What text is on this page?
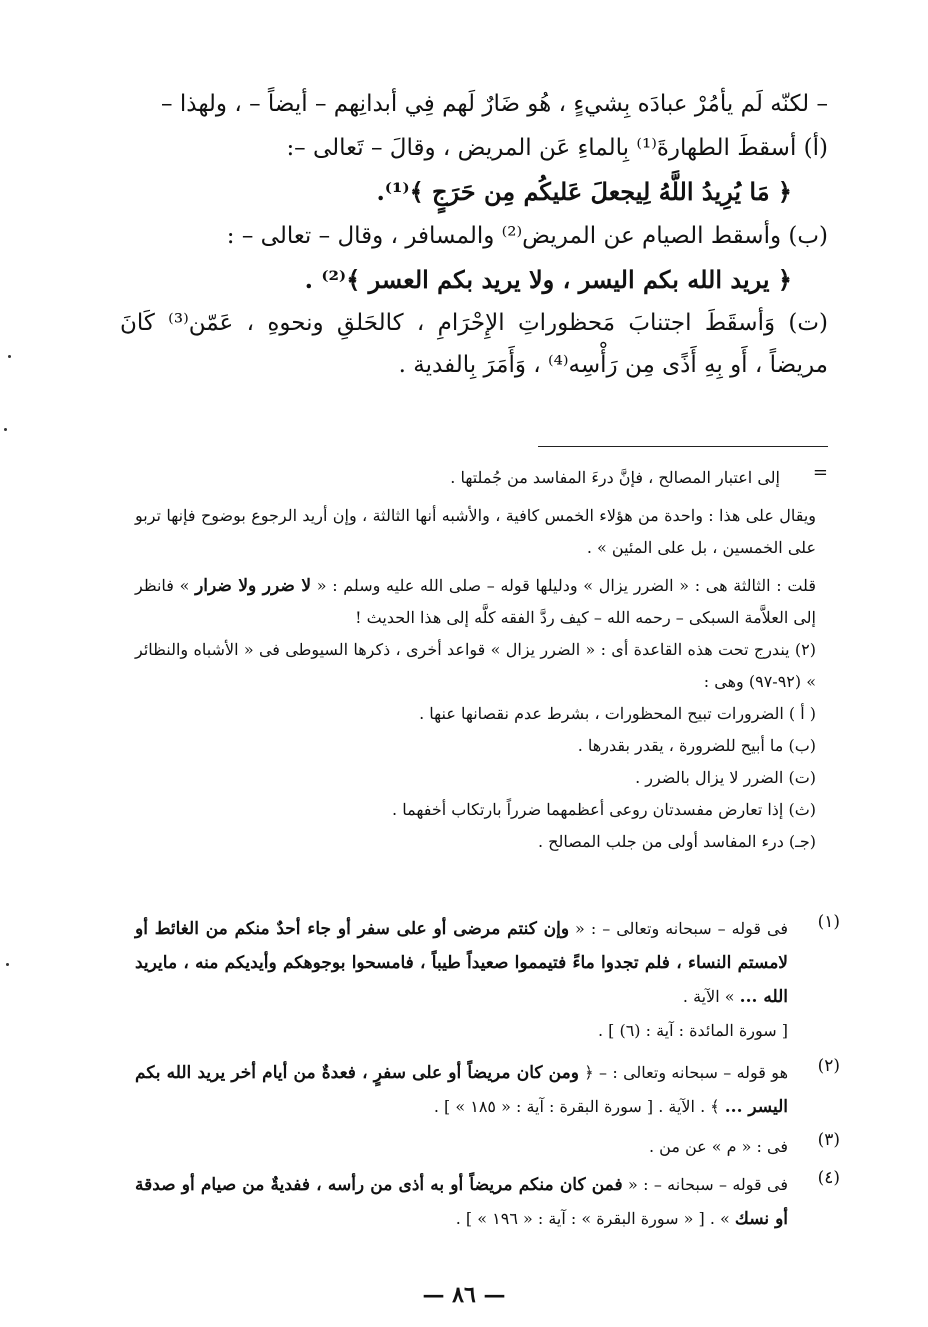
– لكنّه لَم يأمُرْ عبادَه بِشيءٍ ، هُو ضَارٌ لَهم فِي أبدانِهم – أيضاً – ، ولهذا –
(أ) أسقطَ الطهارةَ⁽¹⁾ بِالماءِ عَن المريض ، وقالَ – تَعالى –:
﴿ مَا يُرِيدُ اللَّهُ لِيجعلَ عَليكُم مِن حَرَجٍ ﴾⁽¹⁾.
(ب) وأسقط الصيام عن المريض⁽²⁾ والمسافر ، وقال – تعالى – :
﴿ يريد الله بكم اليسر ، ولا يريد بكم العسر ﴾⁽²⁾ .
(ت) وَأسقَطَ اجتنابَ مَحظوراتِ الإِحْرَامِ ، كالحَلقِ ونحوهِ ، عَمّن⁽³⁾ كَانَ مريضاً ، أَو بِهِ أَذًى مِن رَأْسِه⁽⁴⁾ ، وَأَمَرَ بِالفدية .
=
إلى اعتبار المصالح ، فإنَّ درءَ المفاسد من جُملتها .
ويقال على هذا : واحدة من هؤلاء الخمس كافية ، والأشبه أنها الثالثة ، وإن أريد الرجوع بوضوح فإنها تربو على الخمسين ، بل على المئين » .
قلت : الثالثة هى : « الضرر يزال » ودليلها قوله – صلى الله عليه وسلم : « لا ضرر ولا ضرار » فانظر إلى العلاَّمة السبكى – رحمه الله – كيف ردَّ الفقه كلَّه إلى هذا الحديث !
(٢) يندرج تحت هذه القاعدة أى : « الضرر يزال » قواعد أخرى ، ذكرها السيوطى فى « الأشباه والنظائر » (٩٢-٩٧) وهى :
( أ ) الضرورات تبيح المحظورات ، بشرط عدم نقصانها عنها .
(ب) ما أبيح للضرورة ، يقدر بقدرها .
(ت) الضرر لا يزال بالضرر .
(ث) إذا تعارض مفسدتان روعى أعظمهما ضرراً بارتكاب أخفهما .
(جـ) درء المفاسد أولى من جلب المصالح .
(١)
فى قوله – سبحانه وتعالى – : « وإن كنتم مرضى أو على سفر أو جاء أحدٌ منكم من الغائط أو لامستم النساء ، فلم تجدوا ماءً فتيمموا صعيداً طيباً ، فامسحوا بوجوهكم وأيديكم منه ، مايريد الله ... » الآية .
[ سورة المائدة : آية : (٦) ] .
(٢)
هو قوله – سبحانه وتعالى : – ﴿ ومن كان مريضاً أو على سفرٍ ، فعدةٌ من أيام أخر يريد الله بكم اليسر ... ﴾ . الآية . [ سورة البقرة : آية : « ١٨٥ » ] .
(٣)
فى : « م » عن من .
(٤)
فى قوله – سبحانه – : « فمن كان منكم مريضاً أو به أذى من رأسه ، ففديةٌ من صيام أو صدقة أو نسك » . [ « سورة البقرة » : آية : « ١٩٦ » ] .
— ٨٦ —
